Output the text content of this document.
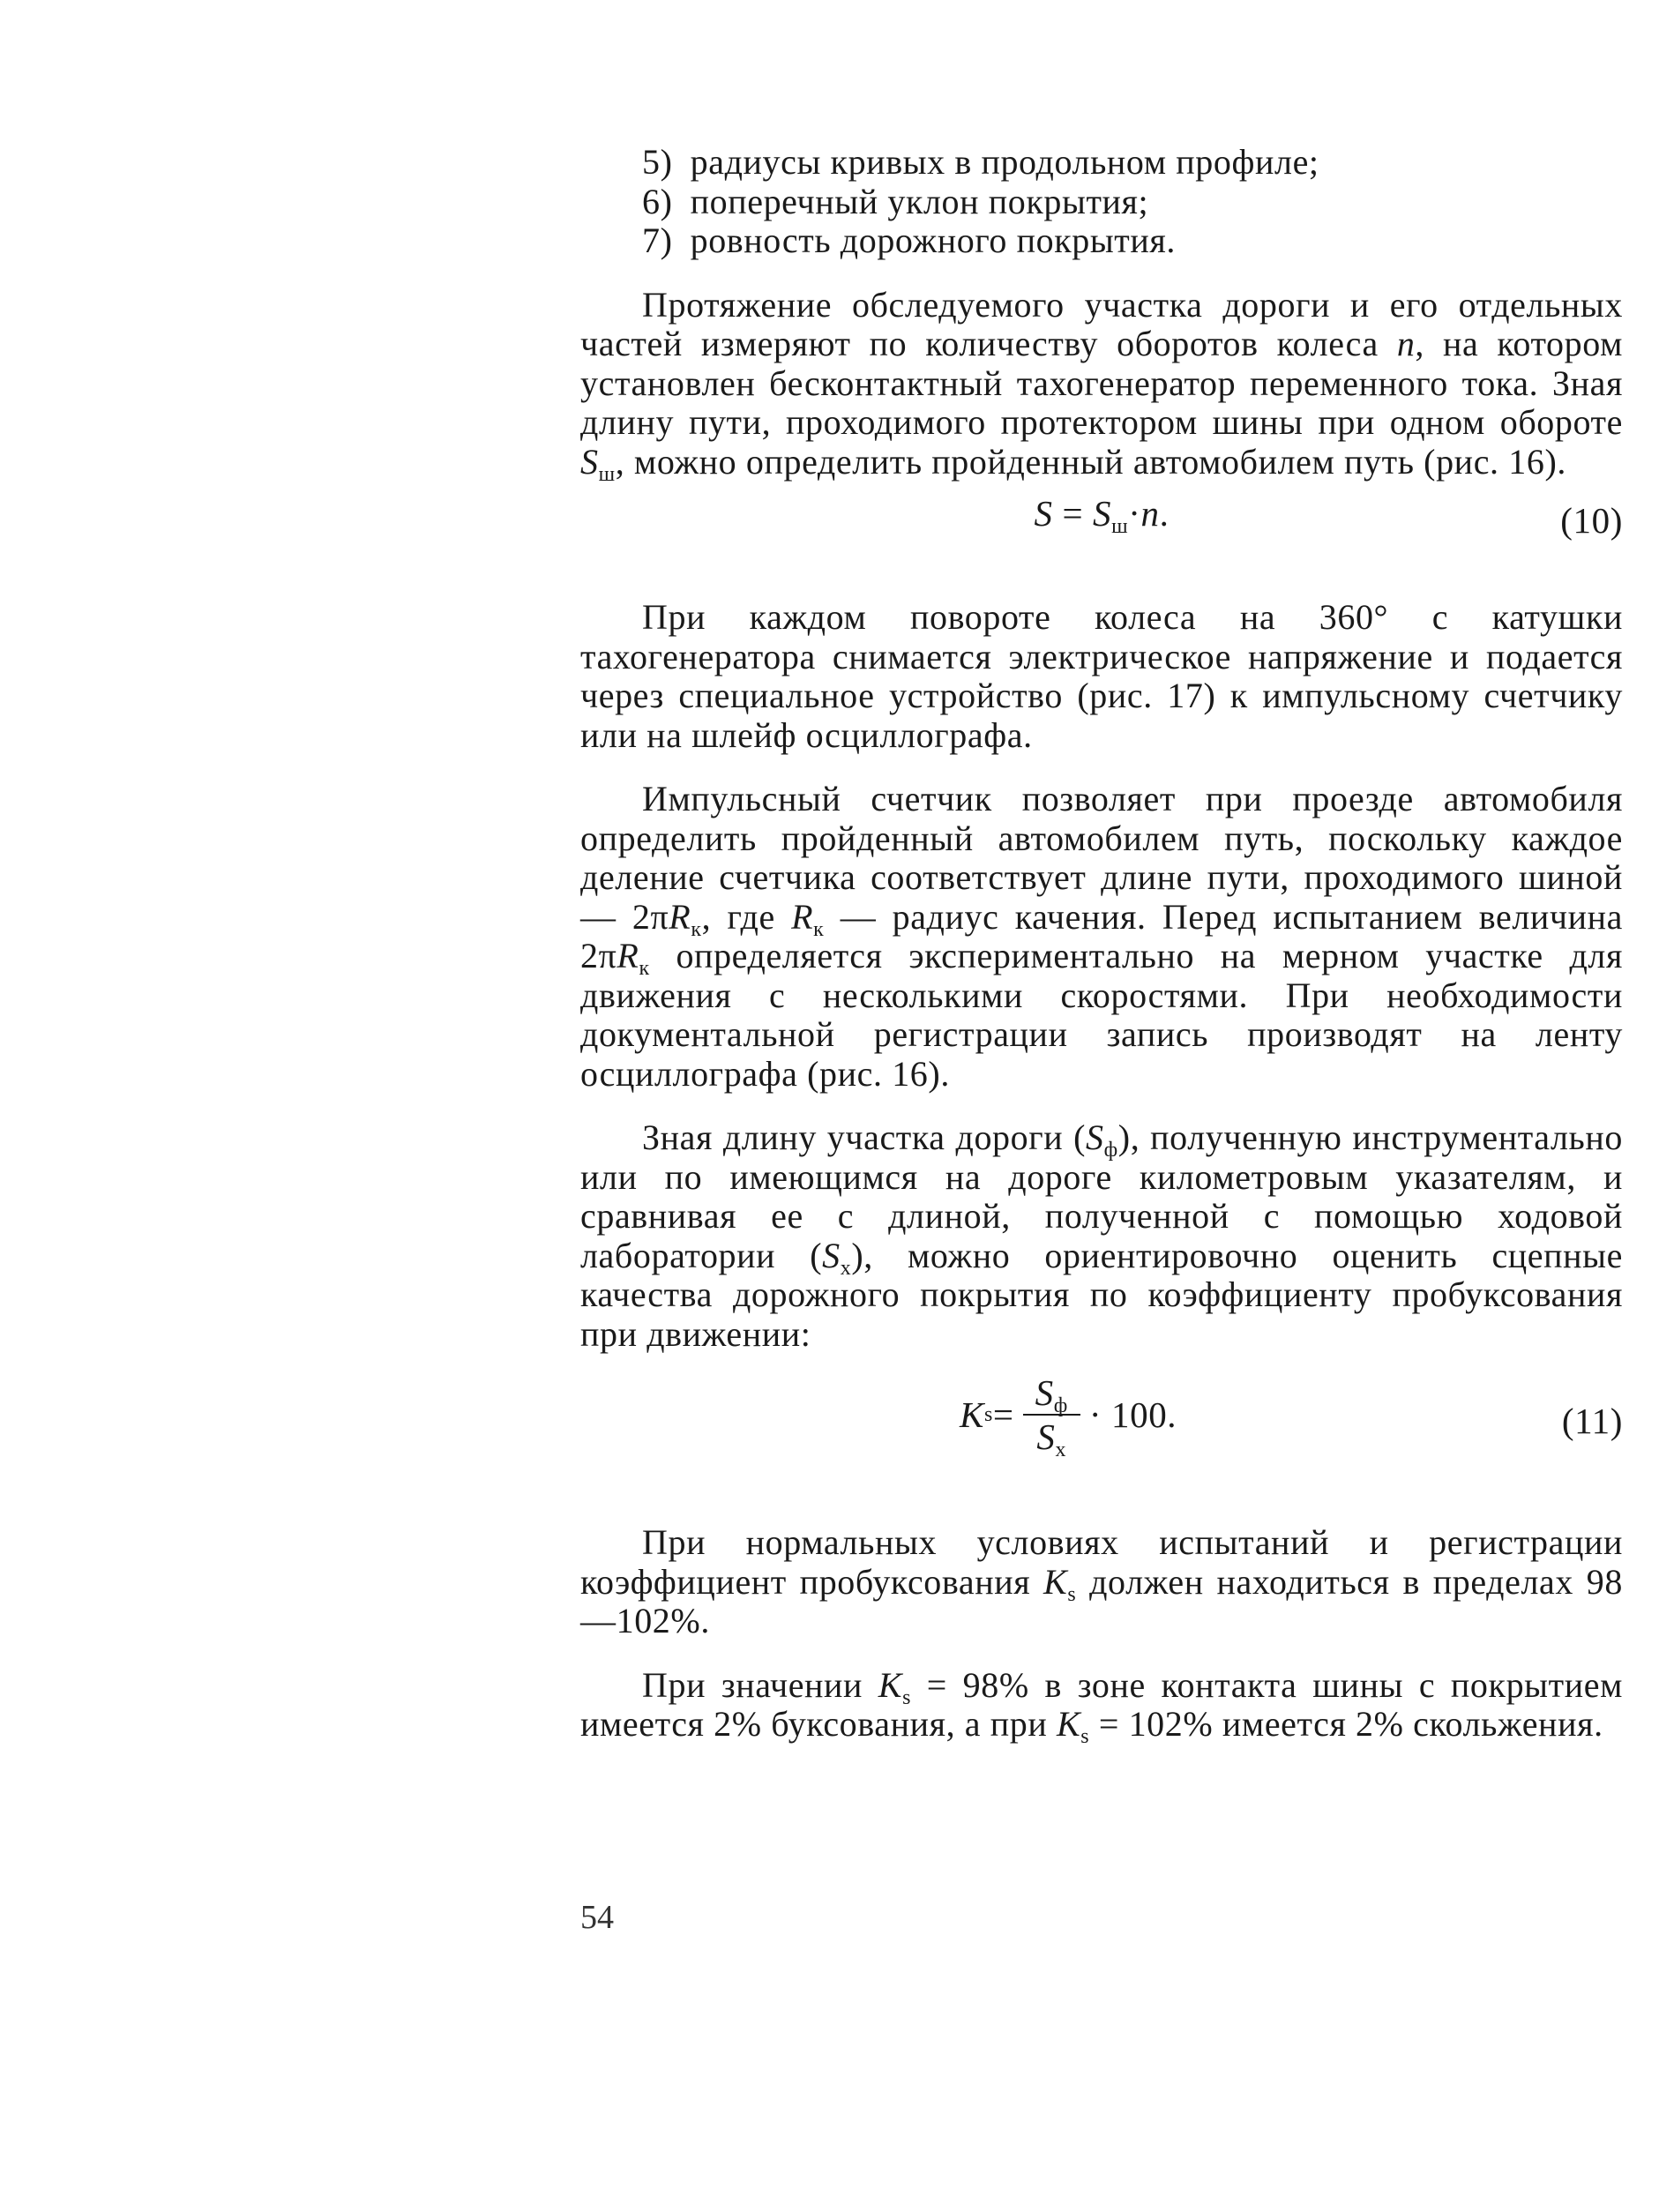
5) радиусы кривых в продольном профиле;
6) поперечный уклон покрытия;
7) ровность дорожного покрытия.

Протяжение обследуемого участка дороги и его отдельных частей измеряют по количеству оборотов колеса n, на котором установлен бесконтактный тахогенератор переменного тока. Зная длину пути, проходимого протектором шины при одном обороте $S_ш$, можно определить пройденный автомобилем путь (рис. 16).

$S = S_ш\cdot n$.	(10)

При каждом повороте колеса на 360° с катушки тахогенератора снимается электрическое напряжение и подается через специальное устройство (рис. 17) к импульсному счетчику или на шлейф осциллографа.

Импульсный счетчик позволяет при проезде автомобиля определить пройденный автомобилем путь, поскольку каждое деление счетчика соответствует длине пути, проходимого шиной — $2\pi R_к$, где $R_к$ — радиус качения. Перед испытанием величина $2\pi R_к$ определяется экспериментально на мерном участке для движения с несколькими скоростями. При необходимости документальной регистрации запись производят на ленту осциллографа (рис. 16).

Зная длину участка дороги $(S_ф)$, полученную инструментально или по имеющимся на дороге километровым указателям, и сравнивая ее с длиной, полученной с помощью ходовой лаборатории $(S_x)$, можно ориентировочно оценить сцепные качества дорожного покрытия по коэффициенту пробуксования при движении:

K $s = \frac{S_ф}{S_x} \cdot 100$.	(11)

При нормальных условиях испытаний и регистрации коэффициент пробуксования $K_s$ должен находиться в пределах 98—102%.

При значении $K_s = 98\%$ в зоне контакта шины с покрытием имеется 2% буксования, а при $K_s = 102\%$ имеется 2% скольжения.

54
